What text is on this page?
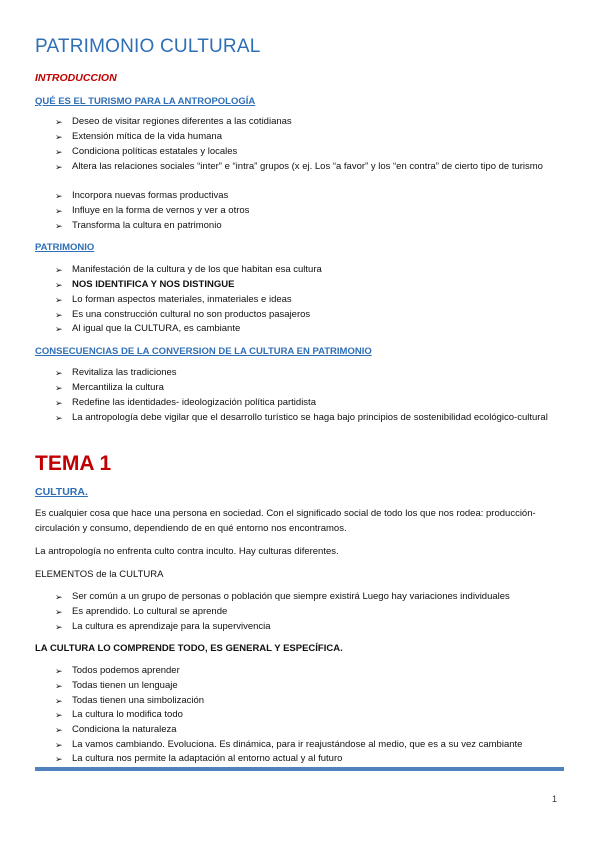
PATRIMONIO CULTURAL
INTRODUCCION
QUÉ ES EL TURISMO PARA LA ANTROPOLOGÍA
➢ Deseo de visitar regiones diferentes a las cotidianas
➢ Extensión mítica de la vida humana
➢ Condiciona políticas estatales y locales
➢ Altera las relaciones sociales “inter” e “intra” grupos (x ej. Los “a favor” y los “en contra” de cierto tipo de turismo
➢ Incorpora nuevas formas productivas
➢ Influye en la forma de vernos y ver a otros
➢ Transforma la cultura en patrimonio
PATRIMONIO
➢ Manifestación de la cultura y de los que habitan esa cultura
➢ NOS IDENTIFICA Y NOS DISTINGUE
➢ Lo forman aspectos materiales, inmateriales e ideas
➢ Es una construcción cultural no son productos pasajeros
➢ Al igual que la CULTURA, es cambiante
CONSECUENCIAS DE LA CONVERSION DE LA CULTURA EN PATRIMONIO
➢ Revitaliza las tradiciones
➢ Mercantiliza la cultura
➢ Redefine las identidades- ideologización política partidista
➢ La antropología debe vigilar que el desarrollo turístico se haga bajo principios de sostenibilidad ecológico-cultural
TEMA 1
CULTURA.
Es cualquier cosa que hace una persona en sociedad. Con el significado social de todo los que nos rodea: producción-circulación y consumo, dependiendo de en qué entorno nos encontramos.
La antropología no enfrenta culto contra inculto. Hay culturas diferentes.
ELEMENTOS de la CULTURA
➢ Ser común a un grupo de personas o población que siempre existirá Luego hay variaciones individuales
➢ Es aprendido. Lo cultural se aprende
➢ La cultura es aprendizaje para la supervivencia
LA CULTURA LO COMPRENDE TODO, ES GENERAL Y ESPECÍFICA.
➢ Todos podemos aprender
➢ Todas tienen un lenguaje
➢ Todas tienen una simbolización
➢ La cultura lo modifica todo
➢ Condiciona la naturaleza
➢ La vamos cambiando. Evoluciona. Es dinámica, para ir reajustándose al medio, que es a su vez cambiante
➢ La cultura nos permite la adaptación al entorno actual y al futuro
1
